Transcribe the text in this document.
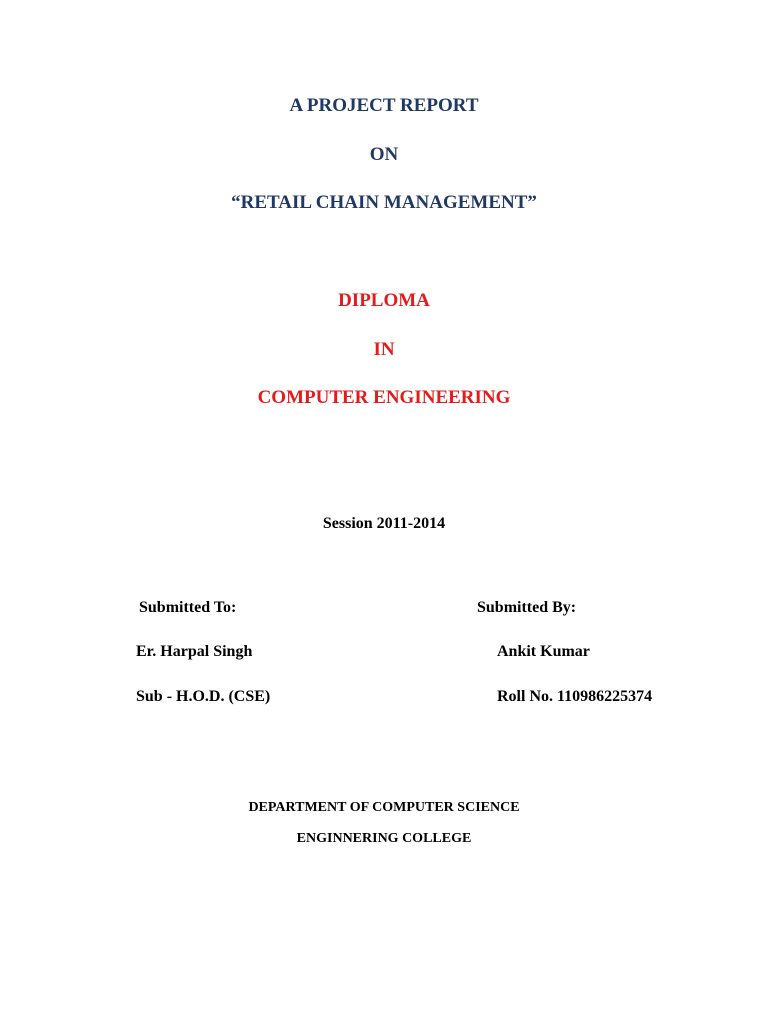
A PROJECT REPORT
ON
“RETAIL CHAIN MANAGEMENT”
DIPLOMA
IN
COMPUTER ENGINEERING
Session 2011-2014
Submitted To:
Er. Harpal Singh
Sub - H.O.D. (CSE)
Submitted By:
Ankit Kumar
Roll No. 110986225374
DEPARTMENT OF COMPUTER SCIENCE
ENGINNERING COLLEGE
